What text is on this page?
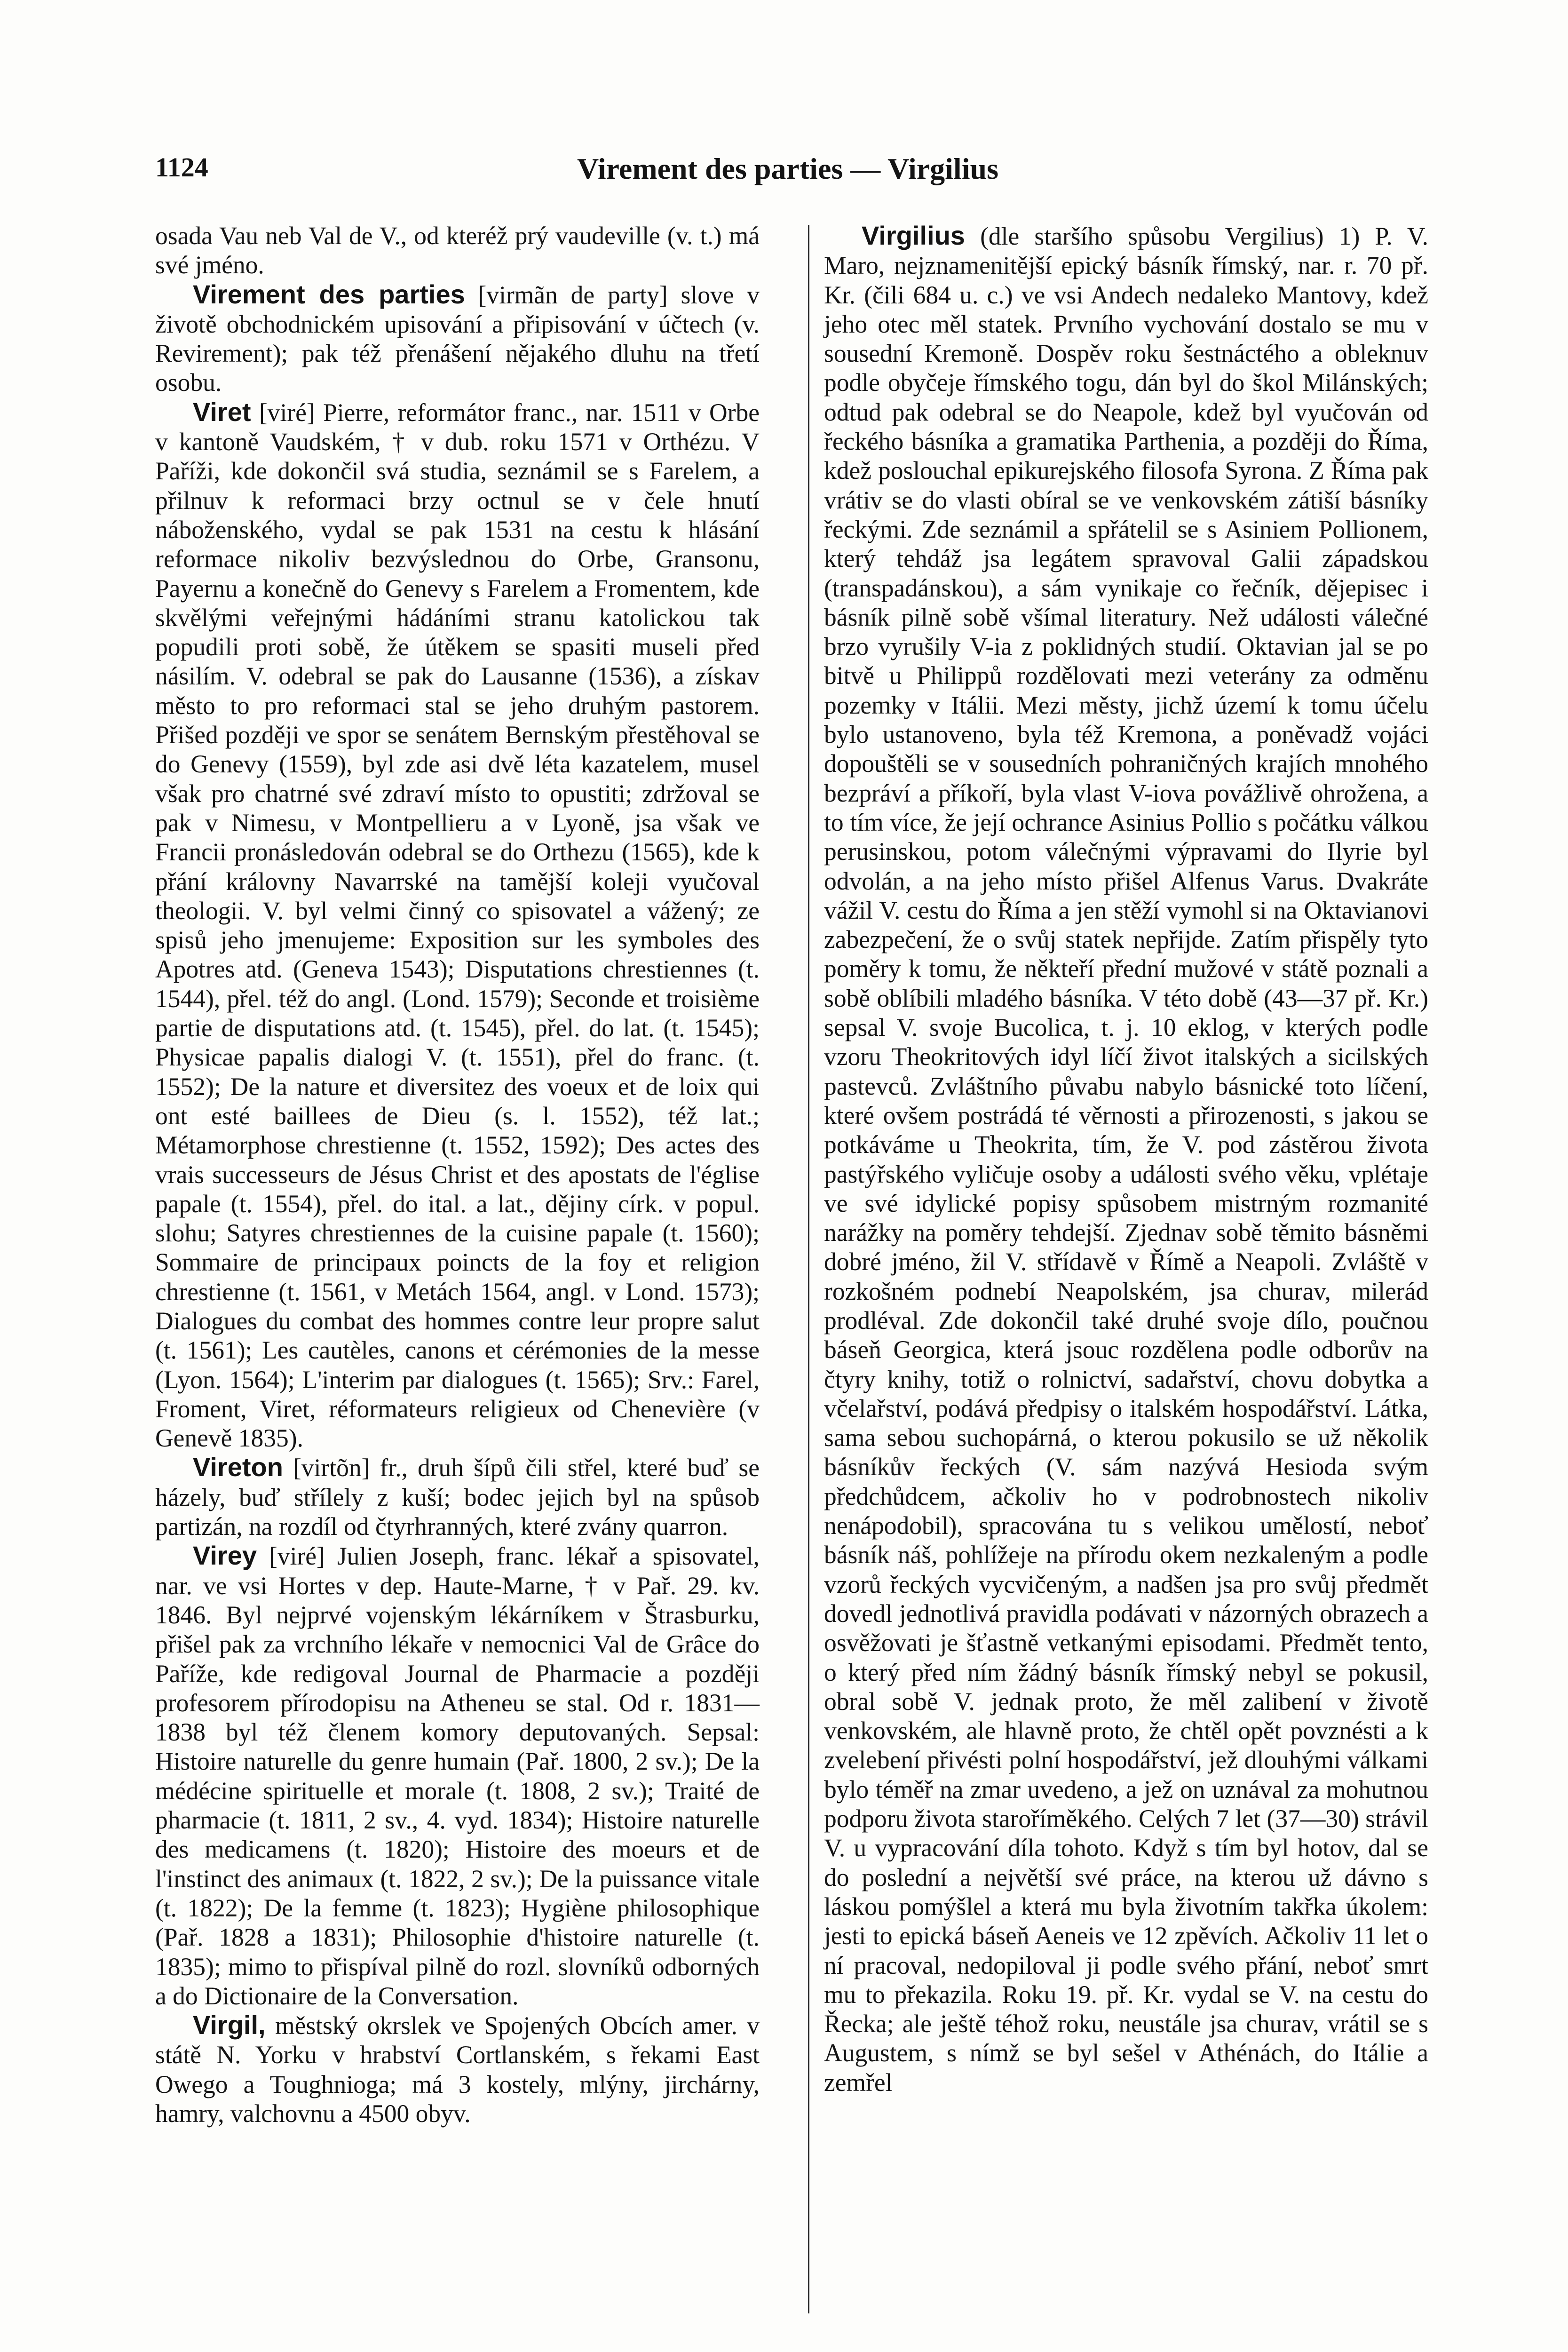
1124	Virement des parties — Virgilius

osada Vau neb Val de V., od kteréž prý vaudeville (v. t.) má své jméno.

Virement des parties [virmãn de party] slove v životě obchodnickém upisování a připisování v účtech (v. Revirement); pak též přenášení nějakého dluhu na třetí osobu.

Viret [viré] Pierre, reformátor franc., nar. 1511 v Orbe v kantoně Vaudském, † v dub. roku 1571 v Orthézu. V Paříži, kde dokončil svá studia, seznámil se s Farelem, a přilnuv k reformaci brzy octnul se v čele hnutí náboženského, vydal se pak 1531 na cestu k hlásání reformace nikoliv bezvýslednou do Orbe, Gransonu, Payernu a konečně do Genevy s Farelem a Fromentem, kde skvělými veřejnými hádáními stranu katolickou tak popudili proti sobě, že útěkem se spasiti museli před násilím. V. odebral se pak do Lausanne (1536), a získav město to pro reformaci stal se jeho druhým pastorem. Přišed později ve spor se senátem Bernským přestěhoval se do Genevy (1559), byl zde asi dvě léta kazatelem, musel však pro chatrné své zdraví místo to opustiti; zdržoval se pak v Nimesu, v Montpellieru a v Lyoně, jsa však ve Francii pronásledován odebral se do Orthezu (1565), kde k přání královny Navarrské na tamější koleji vyučoval theologii. V. byl velmi činný co spisovatel a vážený; ze spisů jeho jmenujeme: Exposition sur les symboles des Apotres atd. (Geneva 1543); Disputations chrestiennes (t. 1544), přel. též do angl. (Lond. 1579); Seconde et troisième partie de disputations atd. (t. 1545), přel. do lat. (t. 1545); Physicae papalis dialogi V. (t. 1551), přel do franc. (t. 1552); De la nature et diversitez des voeux et de loix qui ont esté baillees de Dieu (s. l. 1552), též lat.; Métamorphose chrestienne (t. 1552, 1592); Des actes des vrais successeurs de Jésus Christ et des apostats de l'église papale (t. 1554), přel. do ital. a lat., dějiny círk. v popul. slohu; Satyres chrestiennes de la cuisine papale (t. 1560); Sommaire de principaux poincts de la foy et religion chrestienne (t. 1561, v Metách 1564, angl. v Lond. 1573); Dialogues du combat des hommes contre leur propre salut (t. 1561); Les cautèles, canons et cérémonies de la messe (Lyon. 1564); L'interim par dialogues (t. 1565); Srv.: Farel, Froment, Viret, réformateurs religieux od Chenevière (v Genevě 1835).

Vireton [virtõn] fr., druh šípů čili střel, které buď se házely, buď střílely z kuší; bodec jejich byl na spůsob partizán, na rozdíl od čtyrhranných, které zvány quarron.

Virey [viré] Julien Joseph, franc. lékař a spisovatel, nar. ve vsi Hortes v dep. Haute-Marne, † v Pař. 29. kv. 1846. Byl nejprvé vojenským lékárníkem v Štrasburku, přišel pak za vrchního lékaře v nemocnici Val de Grâce do Paříže, kde redigoval Journal de Pharmacie a později profesorem přírodopisu na Atheneu se stal. Od r. 1831—1838 byl též členem komory deputovaných. Sepsal: Histoire naturelle du genre humain (Pař. 1800, 2 sv.); De la médécine spirituelle et morale (t. 1808, 2 sv.); Traité de pharmacie (t. 1811, 2 sv., 4. vyd. 1834); Histoire naturelle des medicamens (t. 1820); Histoire des moeurs et de l'instinct des animaux (t. 1822, 2 sv.); De la puissance vitale (t. 1822); De la femme (t. 1823); Hygiène philosophique (Pař. 1828 a 1831); Philosophie d'histoire naturelle (t. 1835); mimo to přispíval pilně do rozl. slovníků odborných a do Dictionaire de la Conversation.

Virgil, městský okrslek ve Spojených Obcích amer. v státě N. Yorku v hrabství Cortlanském, s řekami East Owego a Toughnioga; má 3 kostely, mlýny, jirchárny, hamry, valchovnu a 4500 obyv.

Virgilius (dle staršího spůsobu Vergilius) 1) P. V. Maro, nejznamenitější epický básník římský, nar. r. 70 př. Kr. (čili 684 u. c.) ve vsi Andech nedaleko Mantovy, kdež jeho otec měl statek. Prvního vychování dostalo se mu v sousední Kremoně. Dospěv roku šestnáctého a obleknuv podle obyčeje římského togu, dán byl do škol Milánských; odtud pak odebral se do Neapole, kdež byl vyučován od řeckého básníka a gramatika Parthenia, a později do Říma, kdež poslouchal epikurejského filosofa Syrona. Z Říma pak vrátiv se do vlasti obíral se ve venkovském zátiší básníky řeckými. Zde seznámil a spřátelil se s Asiniem Pollionem, který tehdáž jsa legátem spravoval Galii západskou (transpadánskou), a sám vynikaje co řečník, dějepisec i básník pilně sobě všímal literatury. Než události válečné brzo vyrušily V-ia z poklidných studií. Oktavian jal se po bitvě u Philippů rozdělovati mezi veterány za odměnu pozemky v Itálii. Mezi městy, jichž území k tomu účelu bylo ustanoveno, byla též Kremona, a poněvadž vojáci dopouštěli se v sousedních pohraničných krajích mnohého bezpráví a příkoří, byla vlast V-iova povážlivě ohrožena, a to tím více, že její ochrance Asinius Pollio s počátku válkou perusinskou, potom válečnými výpravami do Ilyrie byl odvolán, a na jeho místo přišel Alfenus Varus. Dvakráte vážil V. cestu do Říma a jen stěží vymohl si na Oktavianovi zabezpečení, že o svůj statek nepřijde. Zatím přispěly tyto poměry k tomu, že někteří přední mužové v státě poznali a sobě oblíbili mladého básníka. V této době (43—37 př. Kr.) sepsal V. svoje Bucolica, t. j. 10 eklog, v kterých podle vzoru Theokritových idyl líčí život italských a sicilských pastevců. Zvláštního půvabu nabylo básnické toto líčení, které ovšem postrádá té věrnosti a přirozenosti, s jakou se potkáváme u Theokrita, tím, že V. pod zástěrou života pastýřského vyličuje osoby a události svého věku, vplétaje ve své idylické popisy spůsobem mistrným rozmanité narážky na poměry tehdejší. Zjednav sobě těmito básněmi dobré jméno, žil V. střídavě v Římě a Neapoli. Zvláště v rozkošném podnebí Neapolském, jsa churav, milerád prodléval. Zde dokončil také druhé svoje dílo, poučnou báseň Georgica, která jsouc rozdělena podle odborův na čtyry knihy, totiž o rolnictví, sadařství, chovu dobytka a včelařství, podává předpisy o italském hospodářství. Látka, sama sebou suchopárná, o kterou pokusilo se už několik básníkův řeckých (V. sám nazývá Hesioda svým předchůdcem, ačkoliv ho v podrobnostech nikoliv nenápodobil), spracována tu s velikou umělostí, neboť básník náš, pohlížeje na přírodu okem nezkaleným a podle vzorů řeckých vycvičeným, a nadšen jsa pro svůj předmět dovedl jednotlivá pravidla podávati v názorných obrazech a osvěžovati je šťastně vetkanými episodami. Předmět tento, o který před ním žádný básník římský nebyl se pokusil, obral sobě V. jednak proto, že měl zalibení v životě venkovském, ale hlavně proto, že chtěl opět povznésti a k zvelebení přivésti polní hospodářství, jež dlouhými válkami bylo téměř na zmar uvedeno, a jež on uznával za mohutnou podporu života staroříměkého. Celých 7 let (37—30) strávil V. u vypracování díla tohoto. Když s tím byl hotov, dal se do poslední a největší své práce, na kterou už dávno s láskou pomýšlel a která mu byla životním takřka úkolem: jesti to epická báseň Aeneis ve 12 zpěvích. Ačkoliv 11 let o ní pracoval, nedopiloval ji podle svého přání, neboť smrt mu to překazila. Roku 19. př. Kr. vydal se V. na cestu do Řecka; ale ještě téhož roku, neustále jsa churav, vrátil se s Augustem, s nímž se byl sešel v Athénách, do Itálie a zemřel
